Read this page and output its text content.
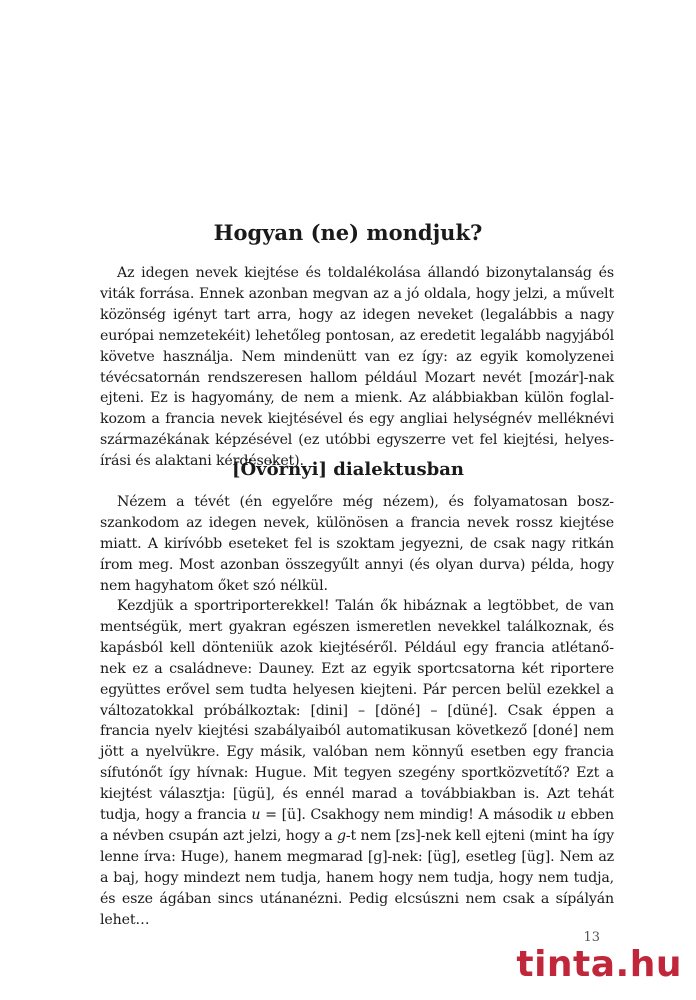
Hogyan (ne) mondjuk?

Az idegen nevek kiejtése és toldalékolása állandó bizonytalanság és viták forrása. Ennek azonban megvan az a jó oldala, hogy jelzi, a művelt közönség igényt tart arra, hogy az idegen neveket (legalábbis a nagy európai nemzetekéit) lehetőleg pontosan, az eredetit legalább nagyjából követve használja. Nem mindenütt van ez így: az egyik komolyzenei tévécsatornán rendszeresen hallom például Mozart nevét [mozár]-nak ejteni. Ez is hagyomány, de nem a mienk. Az alábbiakban külön foglalkozom a francia nevek kiejtésével és egy angliai helységnév melléknévi származékának képzésével (ez utóbbi egyszerre vet fel kiejtési, helyesírási és alaktani kérdéseket).

[Övörnyi] dialektusban

Nézem a tévét (én egyelőre még nézem), és folyamatosan boszszankodom az idegen nevek, különösen a francia nevek rossz kiejtése miatt. A kirívóbb eseteket fel is szoktam jegyezni, de csak nagy ritkán írom meg. Most azonban összegyűlt annyi (és olyan durva) példa, hogy nem hagyhatom őket szó nélkül.

Kezdjük a sportriporterekkel! Talán ők hibáznak a legtöbbet, de van mentségük, mert gyakran egészen ismeretlen nevekkel találkoznak, és kapásból kell dönteniük azok kiejtéséről. Például egy francia atlétanőnek ez a családneve: Dauney. Ezt az egyik sportcsatorna két riportere együttes erővel sem tudta helyesen kiejteni. Pár percen belül ezekkel a változatokkal próbálkoztak: [dini] – [döné] – [düné]. Csak éppen a francia nyelv kiejtési szabályaiból automatikusan következő [doné] nem jött a nyelvükre. Egy másik, valóban nem könnyű esetben egy francia sífutónőt így hívnak: Hugue. Mit tegyen szegény sportközvetítő? Ezt a kiejtést választja: [ügü], és ennél marad a továbbiakban is. Azt tehát tudja, hogy a francia u = [ü]. Csakhogy nem mindig! A második u ebben a névben csupán azt jelzi, hogy a g-t nem [zs]-nek kell ejteni (mint ha így lenne írva: Huge), hanem megmarad [g]-nek: [üg], esetleg [üg]. Nem az a baj, hogy mindezt nem tudja, hanem hogy nem tudja, hogy nem tudja, és esze ágában sincs utánanézni. Pedig elcsúszni nem csak a sípályán lehet…

13
tinta.hu
